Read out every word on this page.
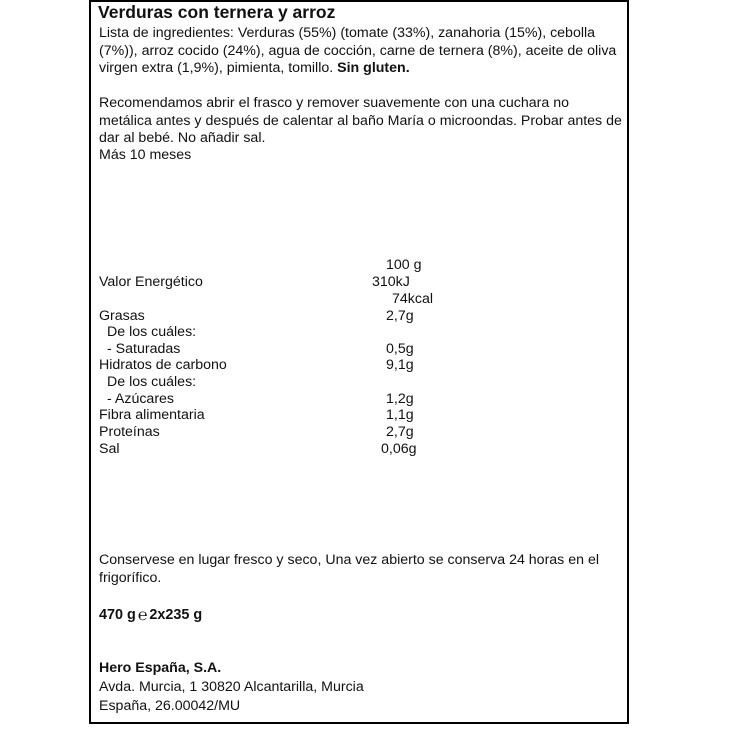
Verduras con ternera y arroz
Lista de ingredientes: Verduras (55%) (tomate (33%), zanahoria (15%), cebolla (7%)), arroz cocido (24%), agua de cocción, carne de ternera (8%), aceite de oliva virgen extra (1,9%), pimienta, tomillo. Sin gluten.
Recomendamos abrir el frasco y remover suavemente con una cuchara no metálica antes y después de calentar al baño María o microondas. Probar antes de dar al bebé. No añadir sal.
Más 10 meses
100 g
Valor Energético	310kJ
74kcal
Grasas	2,7g
De los cuáles:
- Saturadas	0,5g
Hidratos de carbono	9,1g
De los cuáles:
- Azúcares	1,2g
Fibra alimentaria	1,1g
Proteínas	2,7g
Sal	0,06g
Conservese en lugar fresco y seco, Una vez abierto se conserva 24 horas en el frigorífico.
470 g ℮ 2x235 g
Hero España, S.A.
Avda. Murcia, 1 30820 Alcantarilla, Murcia
España, 26.00042/MU
